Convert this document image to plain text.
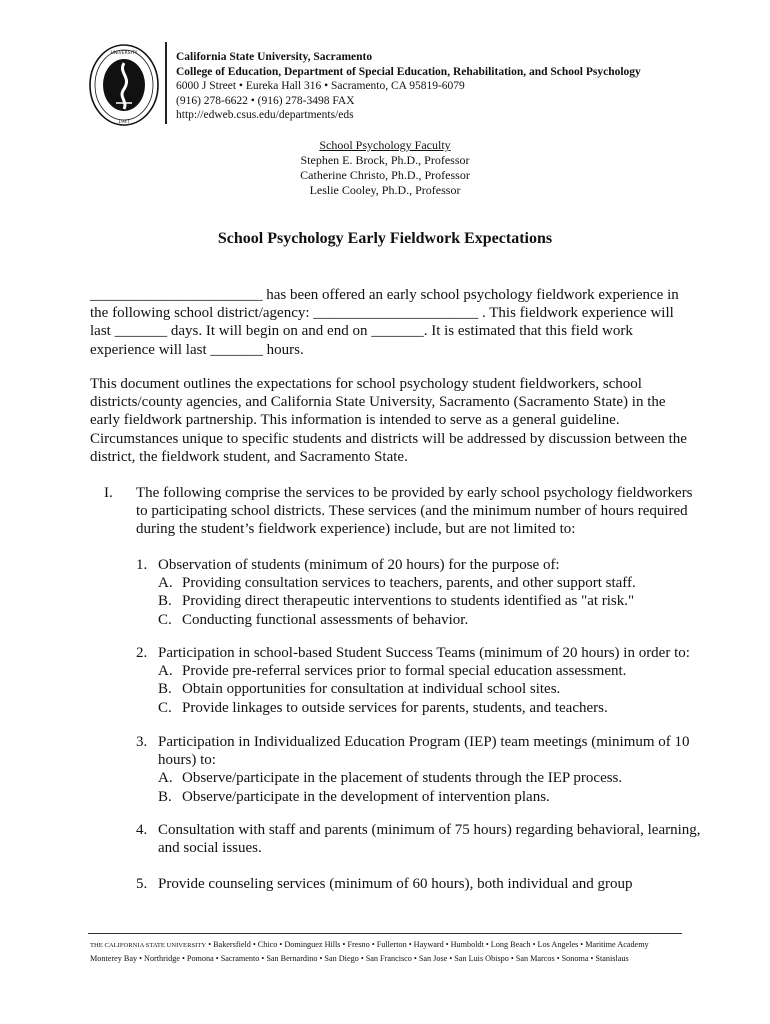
UNIVERSITY
1947
California State University, Sacramento
College of Education, Department of Special Education, Rehabilitation, and School Psychology
6000 J Street • Eureka Hall 316 • Sacramento, CA 95819-6079
(916) 278-6622 • (916) 278-3498 FAX
http://edweb.csus.edu/departments/eds
School Psychology Faculty
Stephen E. Brock, Ph.D., Professor
Catherine Christo, Ph.D., Professor
Leslie Cooley, Ph.D., Professor
School Psychology Early Fieldwork Expectations
_______________________ has been offered an early school psychology fieldwork experience in
the following school district/agency: ______________________ . This fieldwork experience will
last _______ days. It will begin on and end on _______. It is estimated that this field work
experience will last _______ hours.
This document outlines the expectations for school psychology student fieldworkers, school
districts/county agencies, and California State University, Sacramento (Sacramento State) in the
early fieldwork partnership. This information is intended to serve as a general guideline.
Circumstances unique to specific students and districts will be addressed by discussion between the
district, the fieldwork student, and Sacramento State.
I. The following comprise the services to be provided by early school psychology fieldworkers
to participating school districts. These services (and the minimum number of hours required
during the student’s fieldwork experience) include, but are not limited to:
1. Observation of students (minimum of 20 hours) for the purpose of:
A. Providing consultation services to teachers, parents, and other support staff.
B. Providing direct therapeutic interventions to students identified as "at risk."
C. Conducting functional assessments of behavior.
2. Participation in school-based Student Success Teams (minimum of 20 hours) in order to:
A. Provide pre-referral services prior to formal special education assessment.
B. Obtain opportunities for consultation at individual school sites.
C. Provide linkages to outside services for parents, students, and teachers.
3. Participation in Individualized Education Program (IEP) team meetings (minimum of 10 hours) to:
A. Observe/participate in the placement of students through the IEP process.
B. Observe/participate in the development of intervention plans.
4. Consultation with staff and parents (minimum of 75 hours) regarding behavioral, learning, and social issues.
5. Provide counseling services (minimum of 60 hours), both individual and group
THE CALIFORNIA STATE UNIVERSITY • Bakersfield • Chico • Dominguez Hills • Fresno • Fullerton • Hayward • Humboldt • Long Beach • Los Angeles • Maritime Academy
Monterey Bay • Northridge • Pomona • Sacramento • San Bernardino • San Diego • San Francisco • San Jose • San Luis Obispo • San Marcos • Sonoma • Stanislaus
